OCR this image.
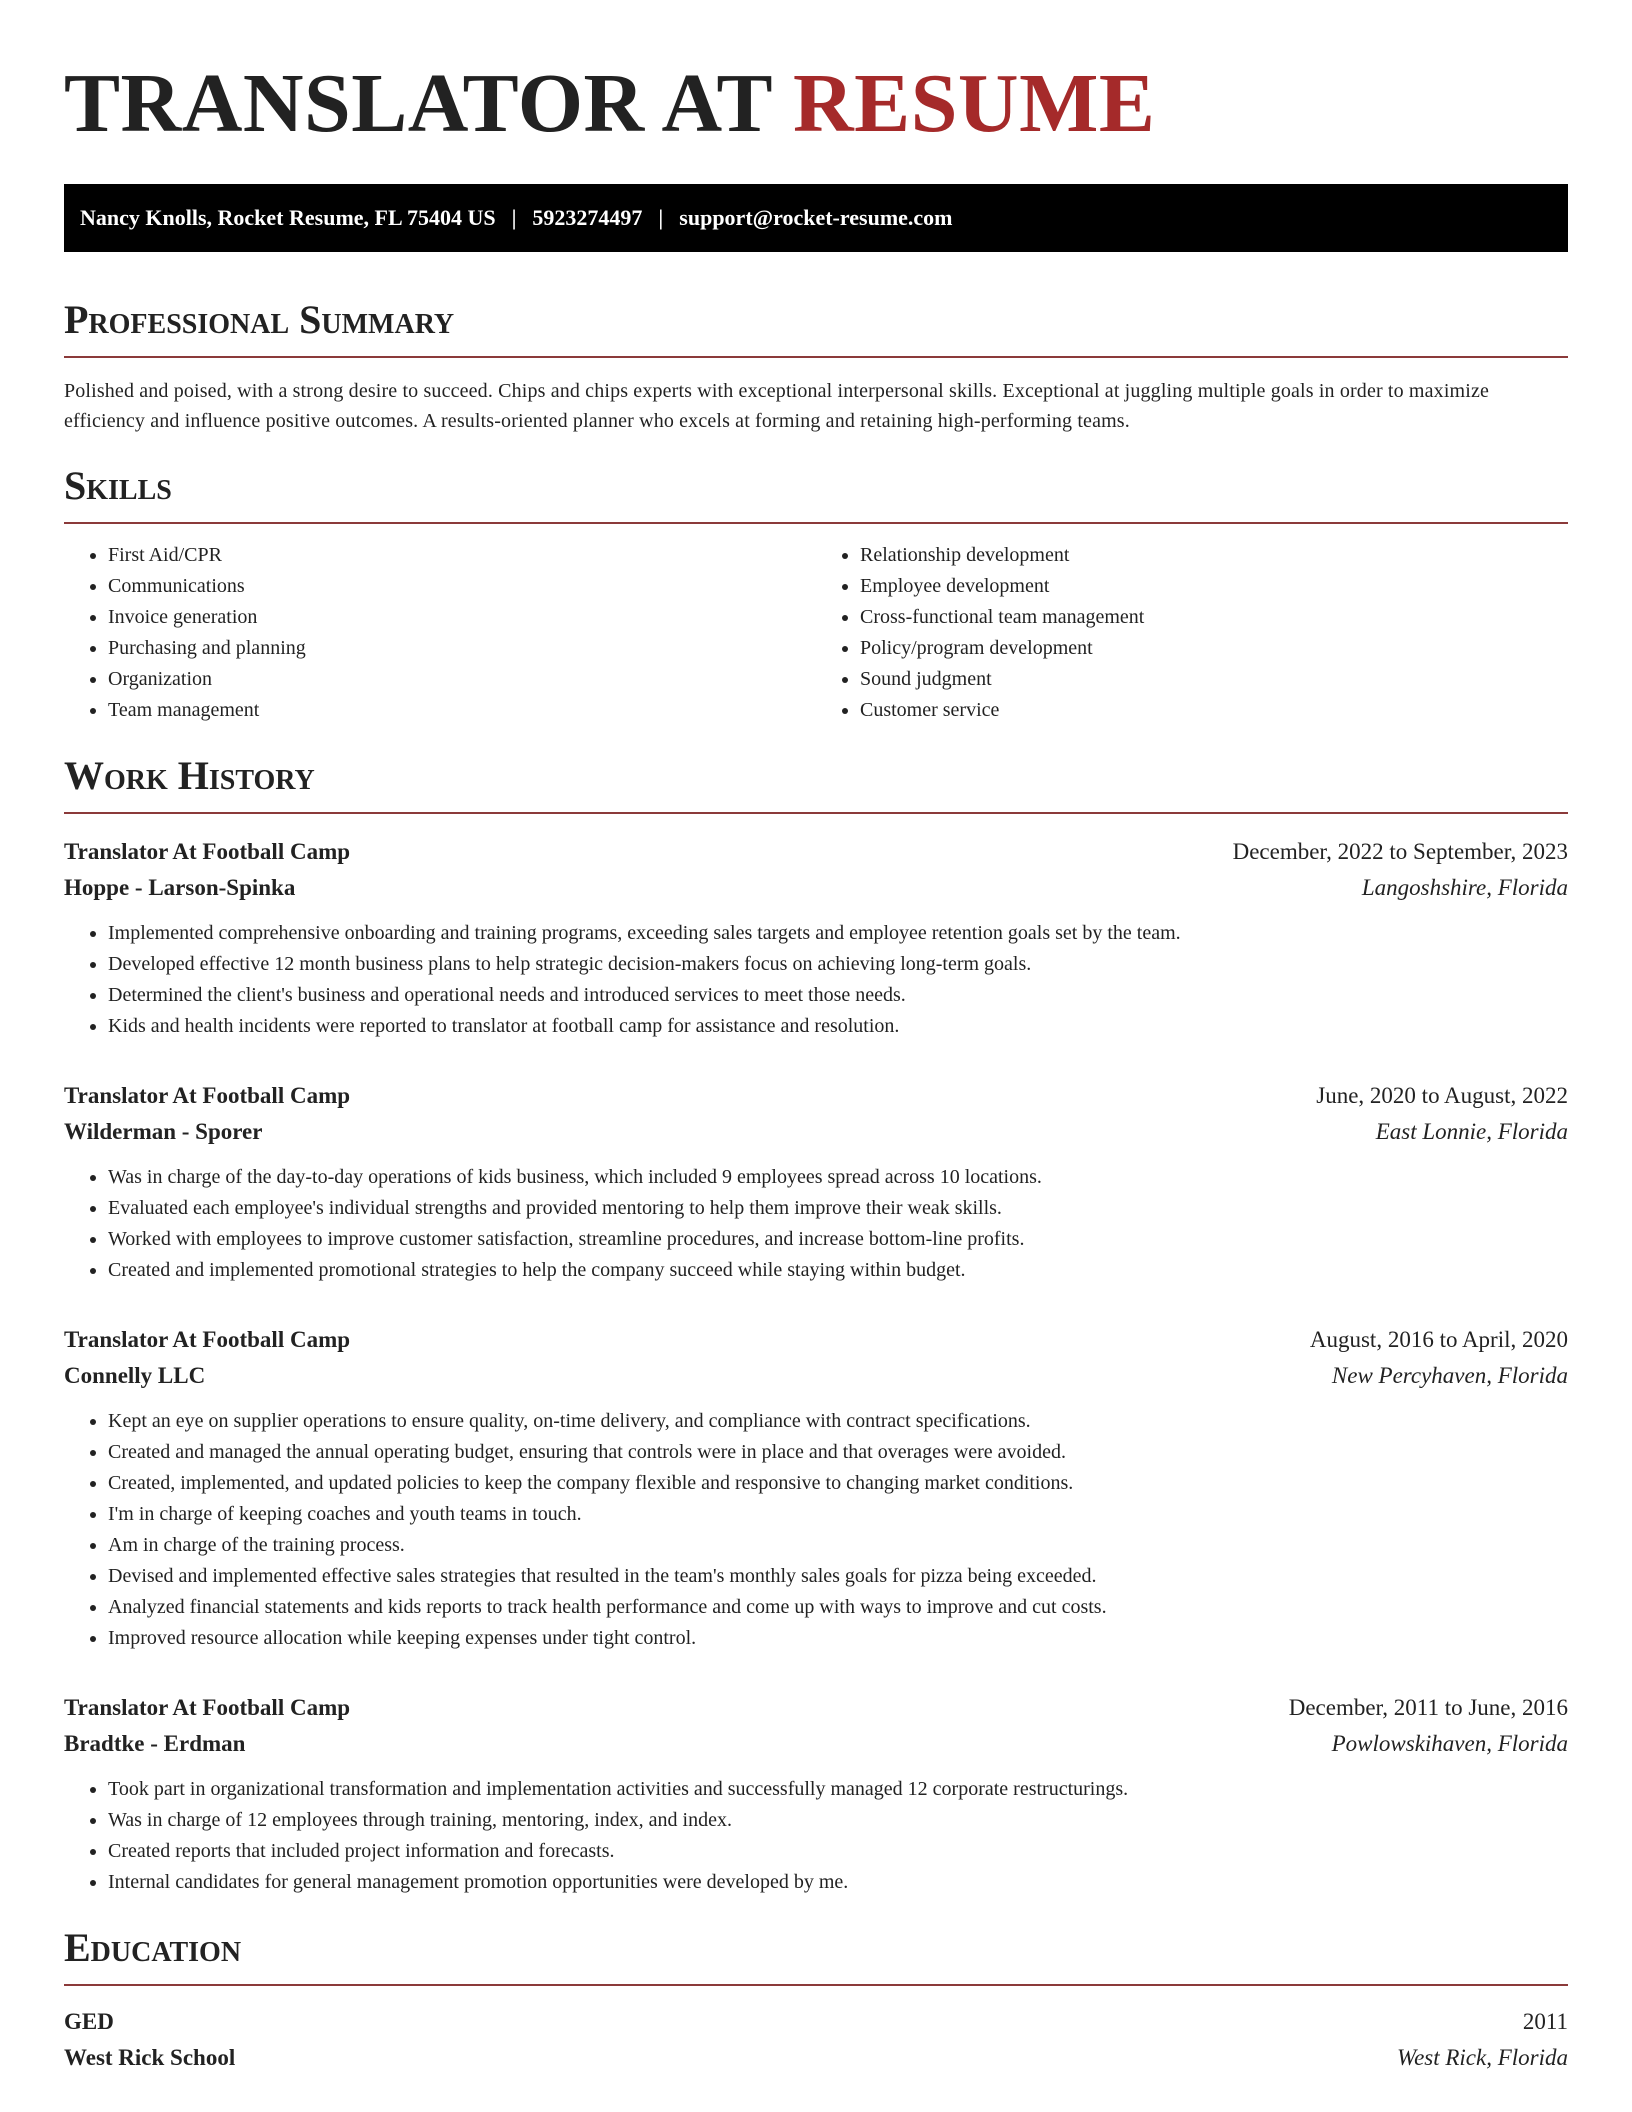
TRANSLATOR AT RESUME
Nancy Knolls, Rocket Resume, FL 75404 US | 5923274497 | support@rocket-resume.com
Professional Summary

Polished and poised, with a strong desire to succeed. Chips and chips experts with exceptional interpersonal skills. Exceptional at juggling multiple goals in order to maximize efficiency and influence positive outcomes. A results-oriented planner who excels at forming and retaining high-performing teams.

Skills
• First Aid/CPR
• Communications
• Invoice generation
• Purchasing and planning
• Organization
• Team management
• Relationship development
• Employee development
• Cross-functional team management
• Policy/program development
• Sound judgment
• Customer service
Work History
Translator At Football Camp	December, 2022 to September, 2023
Hoppe - Larson-Spinka	Langoshshire, Florida
• Implemented comprehensive onboarding and training programs, exceeding sales targets and employee retention goals set by the team.
• Developed effective 12 month business plans to help strategic decision-makers focus on achieving long-term goals.
• Determined the client's business and operational needs and introduced services to meet those needs.
• Kids and health incidents were reported to translator at football camp for assistance and resolution.
Translator At Football Camp	June, 2020 to August, 2022
Wilderman - Sporer	East Lonnie, Florida
• Was in charge of the day-to-day operations of kids business, which included 9 employees spread across 10 locations.
• Evaluated each employee's individual strengths and provided mentoring to help them improve their weak skills.
• Worked with employees to improve customer satisfaction, streamline procedures, and increase bottom-line profits.
• Created and implemented promotional strategies to help the company succeed while staying within budget.
Translator At Football Camp	August, 2016 to April, 2020
Connelly LLC	New Percyhaven, Florida
• Kept an eye on supplier operations to ensure quality, on-time delivery, and compliance with contract specifications.
• Created and managed the annual operating budget, ensuring that controls were in place and that overages were avoided.
• Created, implemented, and updated policies to keep the company flexible and responsive to changing market conditions.
• I'm in charge of keeping coaches and youth teams in touch.
• Am in charge of the training process.
• Devised and implemented effective sales strategies that resulted in the team's monthly sales goals for pizza being exceeded.
• Analyzed financial statements and kids reports to track health performance and come up with ways to improve and cut costs.
• Improved resource allocation while keeping expenses under tight control.
Translator At Football Camp	December, 2011 to June, 2016
Bradtke - Erdman	Powlowskihaven, Florida
• Took part in organizational transformation and implementation activities and successfully managed 12 corporate restructurings.
• Was in charge of 12 employees through training, mentoring, index, and index.
• Created reports that included project information and forecasts.
• Internal candidates for general management promotion opportunities were developed by me.
Education
GED	2011
West Rick School	West Rick, Florida
